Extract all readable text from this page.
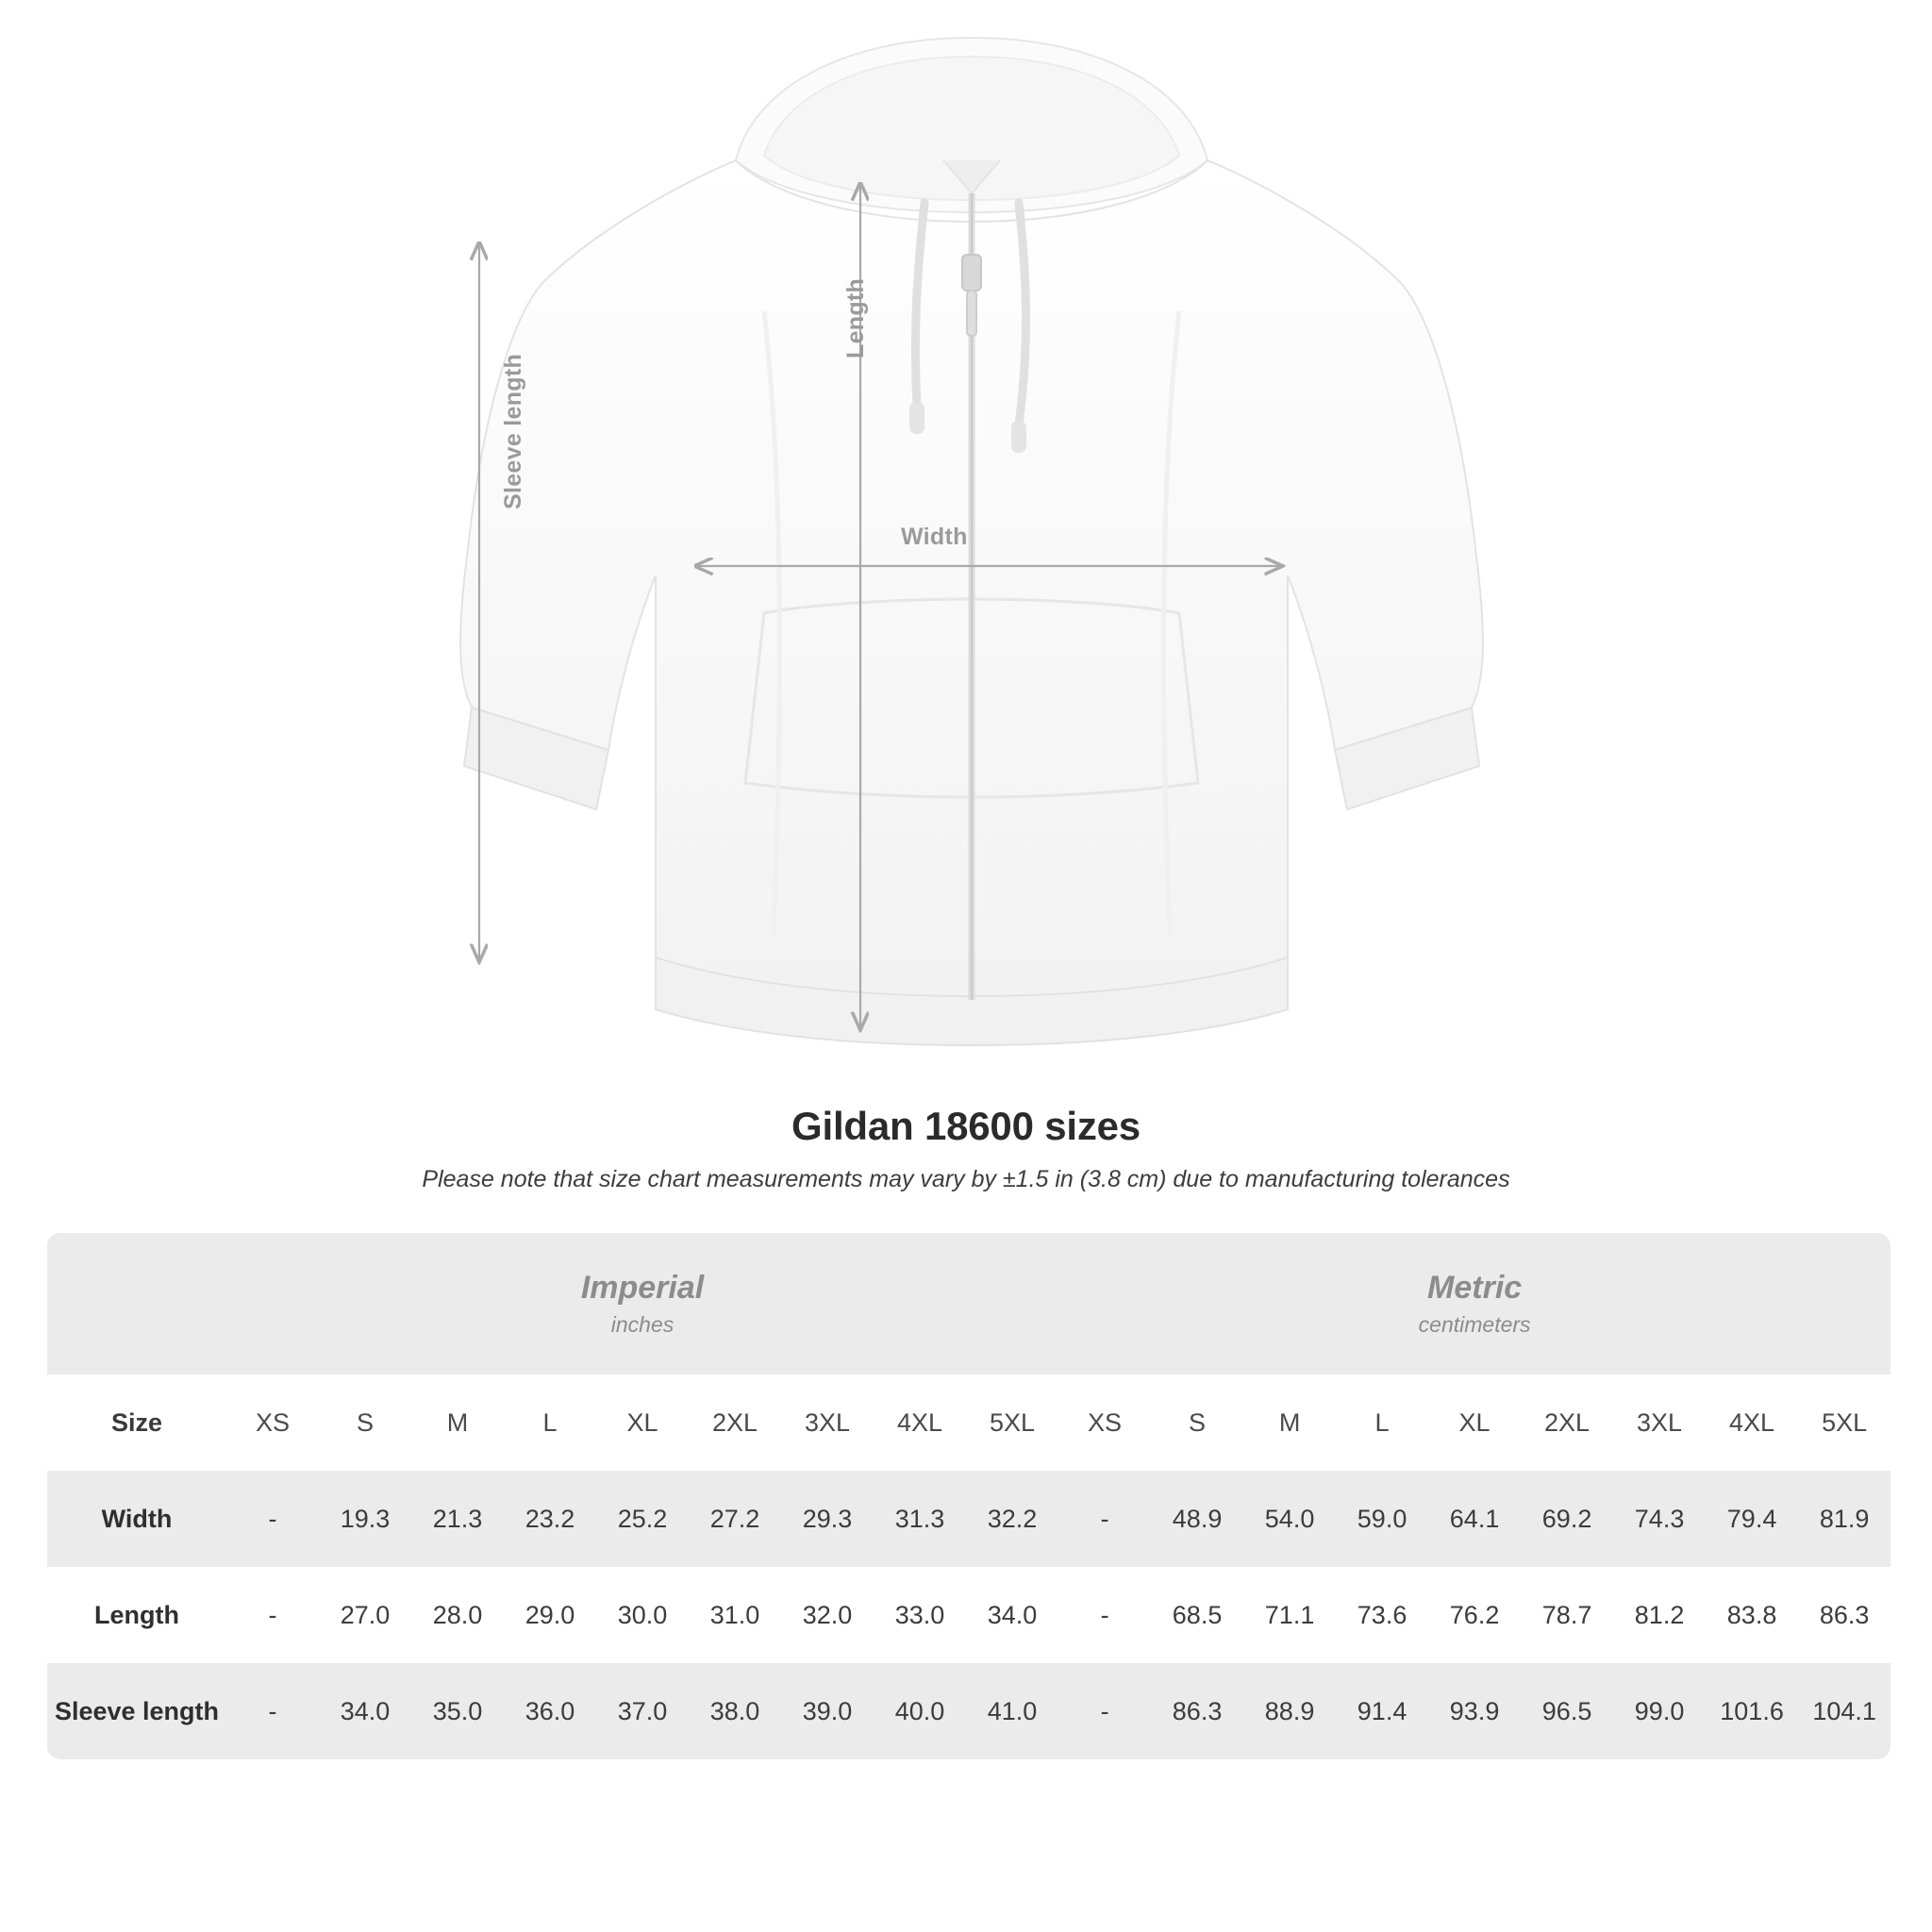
Width
Length
Sleeve length
Gildan 18600 sizes
Please note that size chart measurements may vary by ±1.5 in (3.8 cm) due to manufacturing tolerances

Imperial
inches

Metric
centimeters

Size	XS	S	M	L	XL	2XL	3XL	4XL	5XL	XS	S	M	L	XL	2XL	3XL	4XL	5XL
Width	-	19.3	21.3	23.2	25.2	27.2	29.3	31.3	32.2	-	48.9	54.0	59.0	64.1	69.2	74.3	79.4	81.9
Length	-	27.0	28.0	29.0	30.0	31.0	32.0	33.0	34.0	-	68.5	71.1	73.6	76.2	78.7	81.2	83.8	86.3
Sleeve length	-	34.0	35.0	36.0	37.0	38.0	39.0	40.0	41.0	-	86.3	88.9	91.4	93.9	96.5	99.0	101.6	104.1
